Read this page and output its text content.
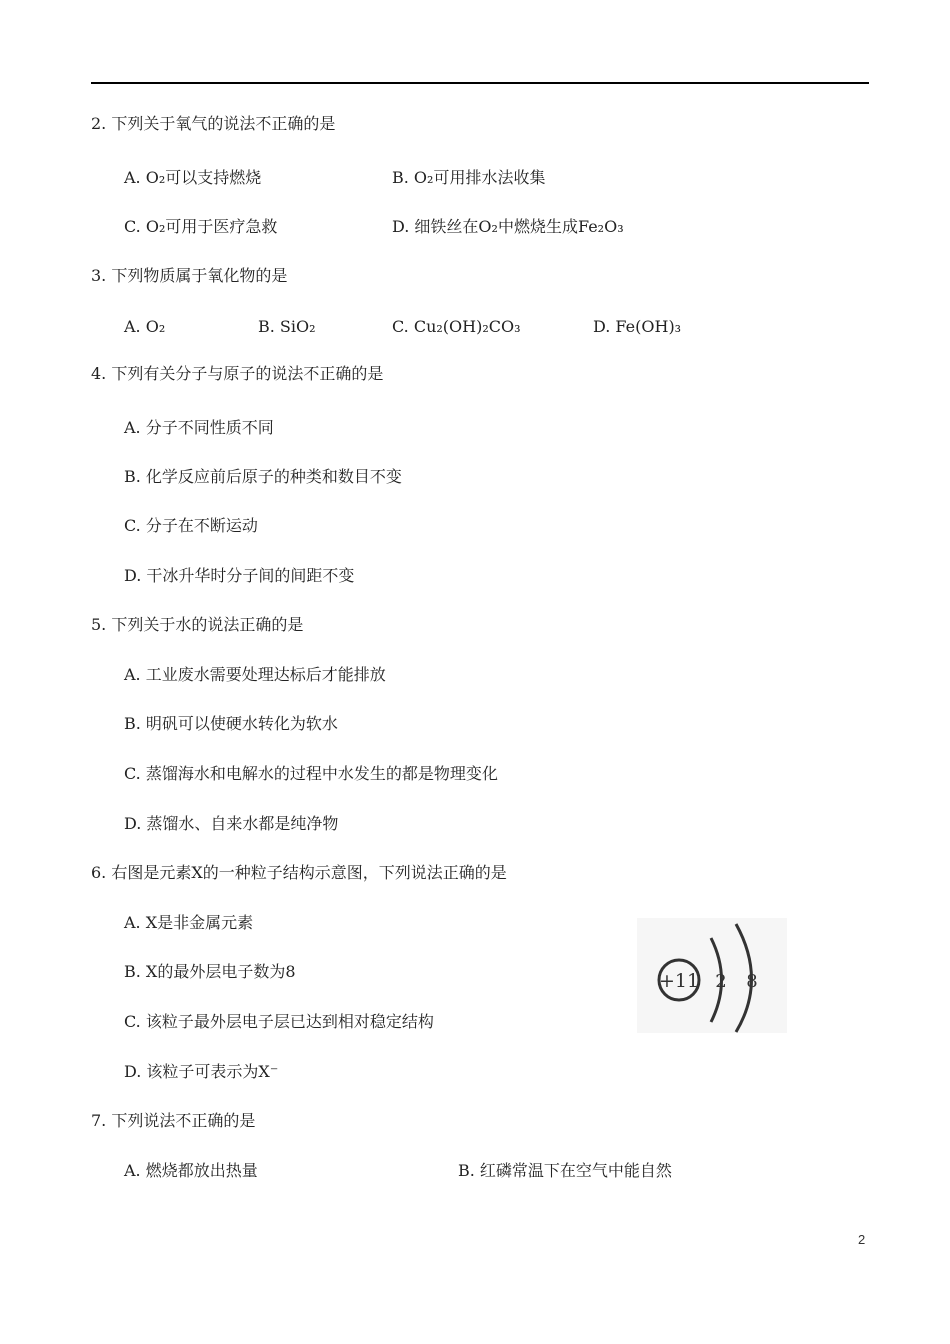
2. 下列关于氧气的说法不正确的是
A. O₂可以支持燃烧	B. O₂可用排水法收集
C. O₂可用于医疗急救	D. 细铁丝在O₂中燃烧生成Fe₂O₃
3. 下列物质属于氧化物的是
A. O₂	B. SiO₂	C. Cu₂(OH)₂CO₃	D. Fe(OH)₃
4. 下列有关分子与原子的说法不正确的是
A. 分子不同性质不同
B. 化学反应前后原子的种类和数目不变
C. 分子在不断运动
D. 干冰升华时分子间的间距不变
5. 下列关于水的说法正确的是
A. 工业废水需要处理达标后才能排放
B. 明矾可以使硬水转化为软水
C. 蒸馏海水和电解水的过程中水发生的都是物理变化
D. 蒸馏水、自来水都是纯净物
6. 右图是元素X的一种粒子结构示意图，下列说法正确的是
A. X是非金属元素
B. X的最外层电子数为8
C. 该粒子最外层电子层已达到相对稳定结构
D. 该粒子可表示为X⁻
+11 2 8
7. 下列说法不正确的是
A. 燃烧都放出热量	B. 红磷常温下在空气中能自然
2
